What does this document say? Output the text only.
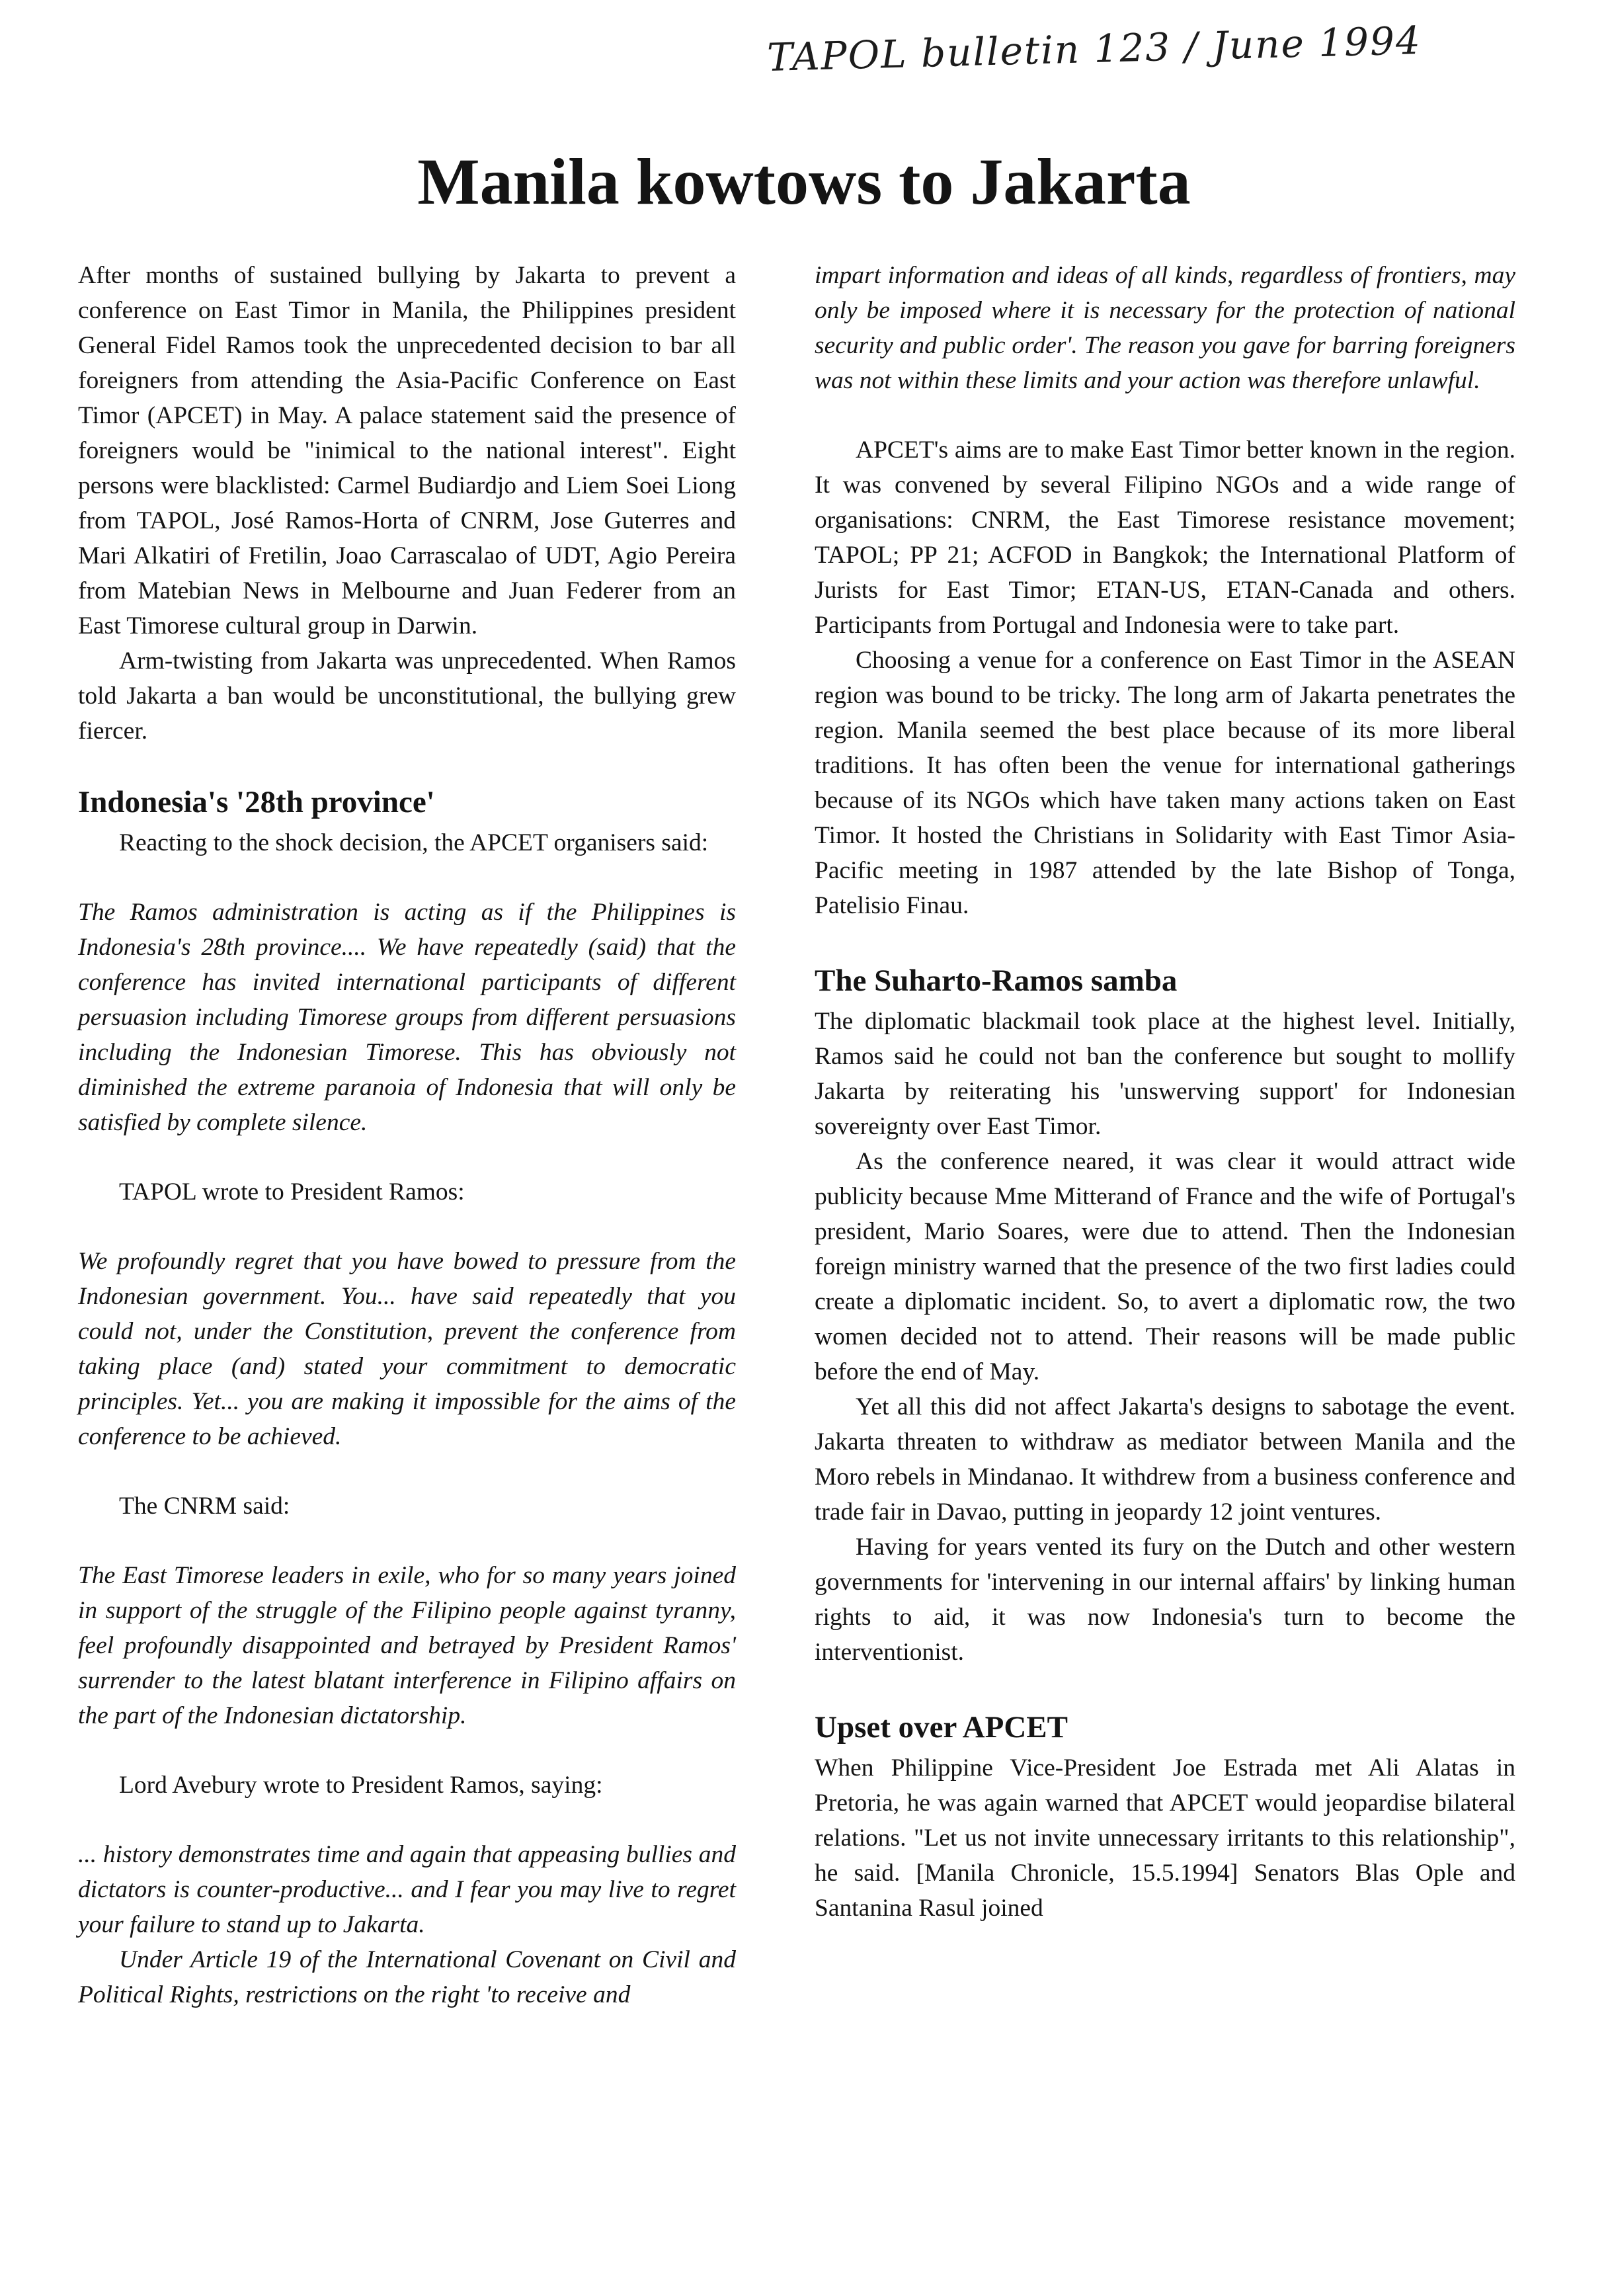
TAPOL bulletin 123 / June 1994
Manila kowtows to Jakarta

After months of sustained bullying by Jakarta to prevent a conference on East Timor in Manila, the Philippines president General Fidel Ramos took the unprecedented decision to bar all foreigners from attending the Asia-Pacific Conference on East Timor (APCET) in May. A palace statement said the presence of foreigners would be "inimical to the national interest". Eight persons were blacklisted: Carmel Budiardjo and Liem Soei Liong from TAPOL, José Ramos-Horta of CNRM, Jose Guterres and Mari Alkatiri of Fretilin, Joao Carrascalao of UDT, Agio Pereira from Matebian News in Melbourne and Juan Federer from an East Timorese cultural group in Darwin.

Arm-twisting from Jakarta was unprecedented. When Ramos told Jakarta a ban would be unconstitutional, the bullying grew fiercer.

Indonesia's '28th province'

Reacting to the shock decision, the APCET organisers said:

The Ramos administration is acting as if the Philippines is Indonesia's 28th province.... We have repeatedly (said) that the conference has invited international participants of different persuasion including Timorese groups from different persuasions including the Indonesian Timorese. This has obviously not diminished the extreme paranoia of Indonesia that will only be satisfied by complete silence.

TAPOL wrote to President Ramos:

We profoundly regret that you have bowed to pressure from the Indonesian government. You... have said repeatedly that you could not, under the Constitution, prevent the conference from taking place (and) stated your commitment to democratic principles. Yet... you are making it impossible for the aims of the conference to be achieved.

The CNRM said:

The East Timorese leaders in exile, who for so many years joined in support of the struggle of the Filipino people against tyranny, feel profoundly disappointed and betrayed by President Ramos' surrender to the latest blatant interference in Filipino affairs on the part of the Indonesian dictatorship.

Lord Avebury wrote to President Ramos, saying:

... history demonstrates time and again that appeasing bullies and dictators is counter-productive... and I fear you may live to regret your failure to stand up to Jakarta.

Under Article 19 of the International Covenant on Civil and Political Rights, restrictions on the right 'to receive and

impart information and ideas of all kinds, regardless of frontiers, may only be imposed where it is necessary for the protection of national security and public order'. The reason you gave for barring foreigners was not within these limits and your action was therefore unlawful.

APCET's aims are to make East Timor better known in the region. It was convened by several Filipino NGOs and a wide range of organisations: CNRM, the East Timorese resistance movement; TAPOL; PP 21; ACFOD in Bangkok; the International Platform of Jurists for East Timor; ETAN-US, ETAN-Canada and others. Participants from Portugal and Indonesia were to take part.

Choosing a venue for a conference on East Timor in the ASEAN region was bound to be tricky. The long arm of Jakarta penetrates the region. Manila seemed the best place because of its more liberal traditions. It has often been the venue for international gatherings because of its NGOs which have taken many actions taken on East Timor. It hosted the Christians in Solidarity with East Timor Asia-Pacific meeting in 1987 attended by the late Bishop of Tonga, Patelisio Finau.

The Suharto-Ramos samba

The diplomatic blackmail took place at the highest level. Initially, Ramos said he could not ban the conference but sought to mollify Jakarta by reiterating his 'unswerving support' for Indonesian sovereignty over East Timor.

As the conference neared, it was clear it would attract wide publicity because Mme Mitterand of France and the wife of Portugal's president, Mario Soares, were due to attend. Then the Indonesian foreign ministry warned that the presence of the two first ladies could create a diplomatic incident. So, to avert a diplomatic row, the two women decided not to attend. Their reasons will be made public before the end of May.

Yet all this did not affect Jakarta's designs to sabotage the event. Jakarta threaten to withdraw as mediator between Manila and the Moro rebels in Mindanao. It withdrew from a business conference and trade fair in Davao, putting in jeopardy 12 joint ventures.

Having for years vented its fury on the Dutch and other western governments for 'intervening in our internal affairs' by linking human rights to aid, it was now Indonesia's turn to become the interventionist.

Upset over APCET

When Philippine Vice-President Joe Estrada met Ali Alatas in Pretoria, he was again warned that APCET would jeopardise bilateral relations. "Let us not invite unnecessary irritants to this relationship", he said. [Manila Chronicle, 15.5.1994] Senators Blas Ople and Santanina Rasul joined
